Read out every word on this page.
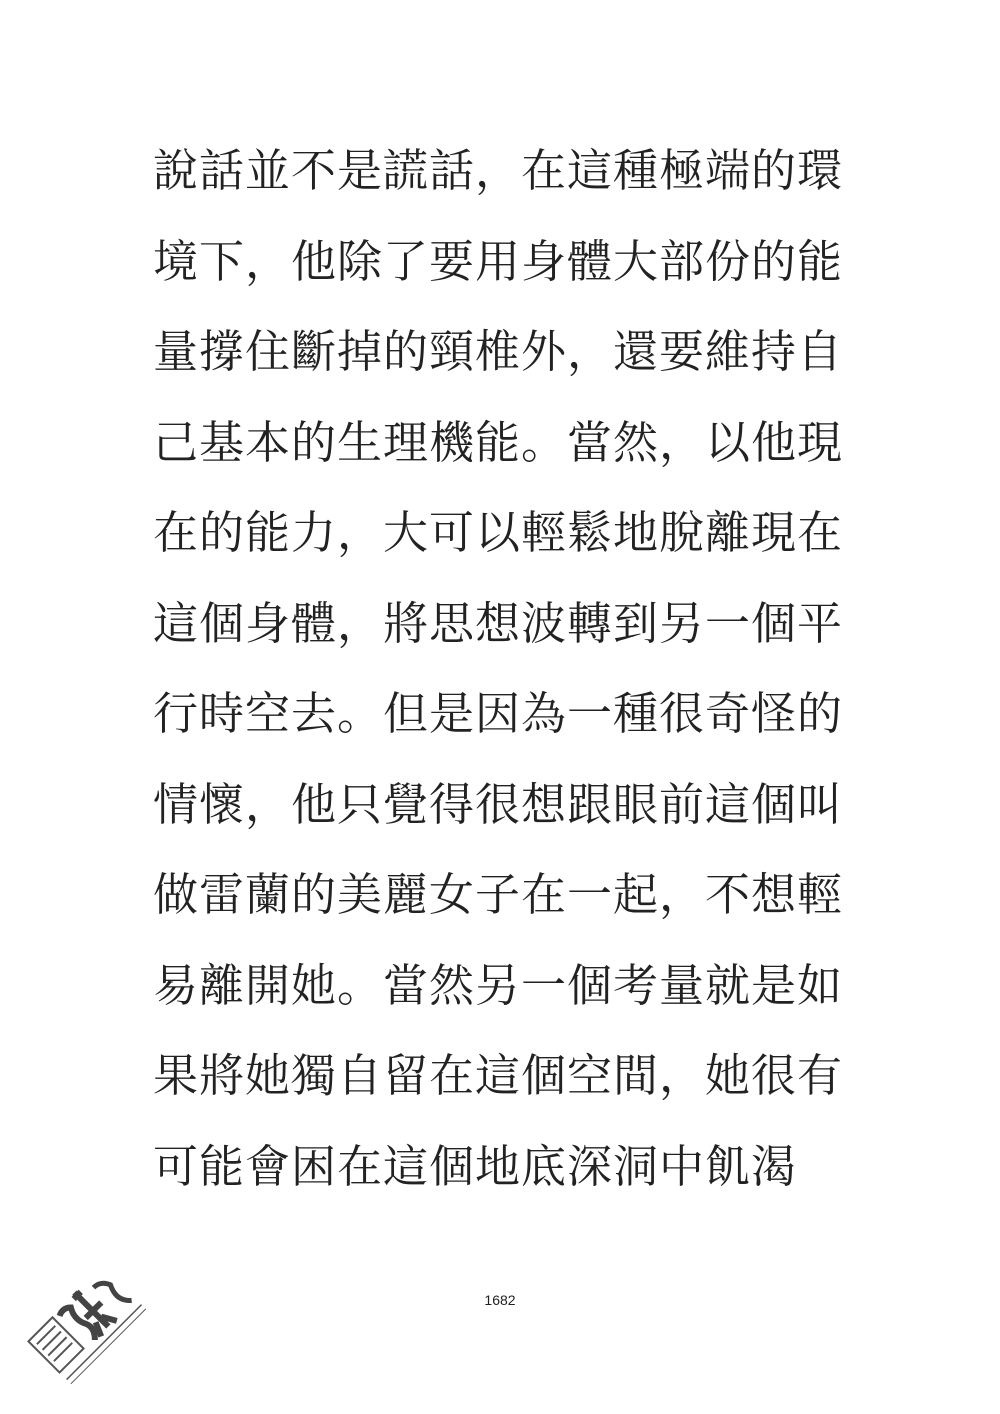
說話並不是謊話，在這種極端的環
境下，他除了要用身體大部份的能
量撐住斷掉的頸椎外，還要維持自
己基本的生理機能。當然，以他現
在的能力，大可以輕鬆地脫離現在
這個身體，將思想波轉到另一個平
行時空去。但是因為一種很奇怪的
情懷，他只覺得很想跟眼前這個叫
做雷蘭的美麗女子在一起，不想輕
易離開她。當然另一個考量就是如
果將她獨自留在這個空間，她很有
可能會困在這個地底深洞中飢渴
1682
